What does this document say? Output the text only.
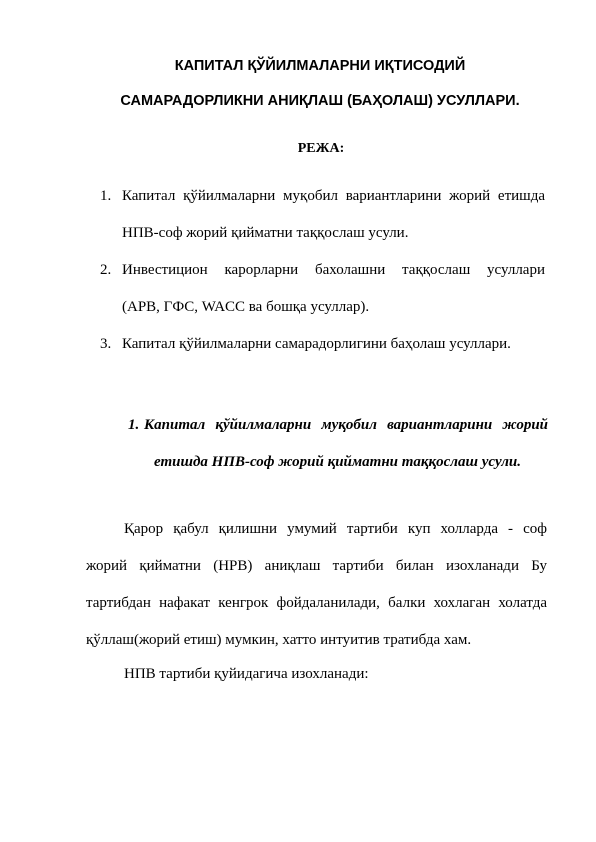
КАПИТАЛ ҚЎЙИЛМАЛАРНИ ИҚТИСОДИЙ

САМАРАДОРЛИКНИ АНИҚЛАШ (БАҲОЛАШ) УСУЛЛАРИ.

РЕЖА:

1. Капитал қўйилмаларни муқобил вариантларини жорий етишда
НПВ-соф жорий қийматни таққослаш усули.
2. Инвестицион карорларни бахолашни таққослаш усуллари
(АРВ, ГФС, WACC ва бошқа усуллар).
3. Капитал қўйилмаларни самарадорлигини баҳолаш усуллари.
1. Капитал қўйилмаларни муқобил вариантларини жорий
етишда НПВ-соф жорий қийматни таққослаш усули.
Қарор қабул қилишни умумий тартиби куп холларда - соф
жорий қийматни (НРВ) аниқлаш тартиби билан изохланади Бу
тартибдан нафакат кенгрок фойдаланилади, балки хохлаган холатда
қўллаш(жорий етиш) мумкин, хатто интуитив тратибда хам.
НПВ тартиби қуйидагича изохланади:
